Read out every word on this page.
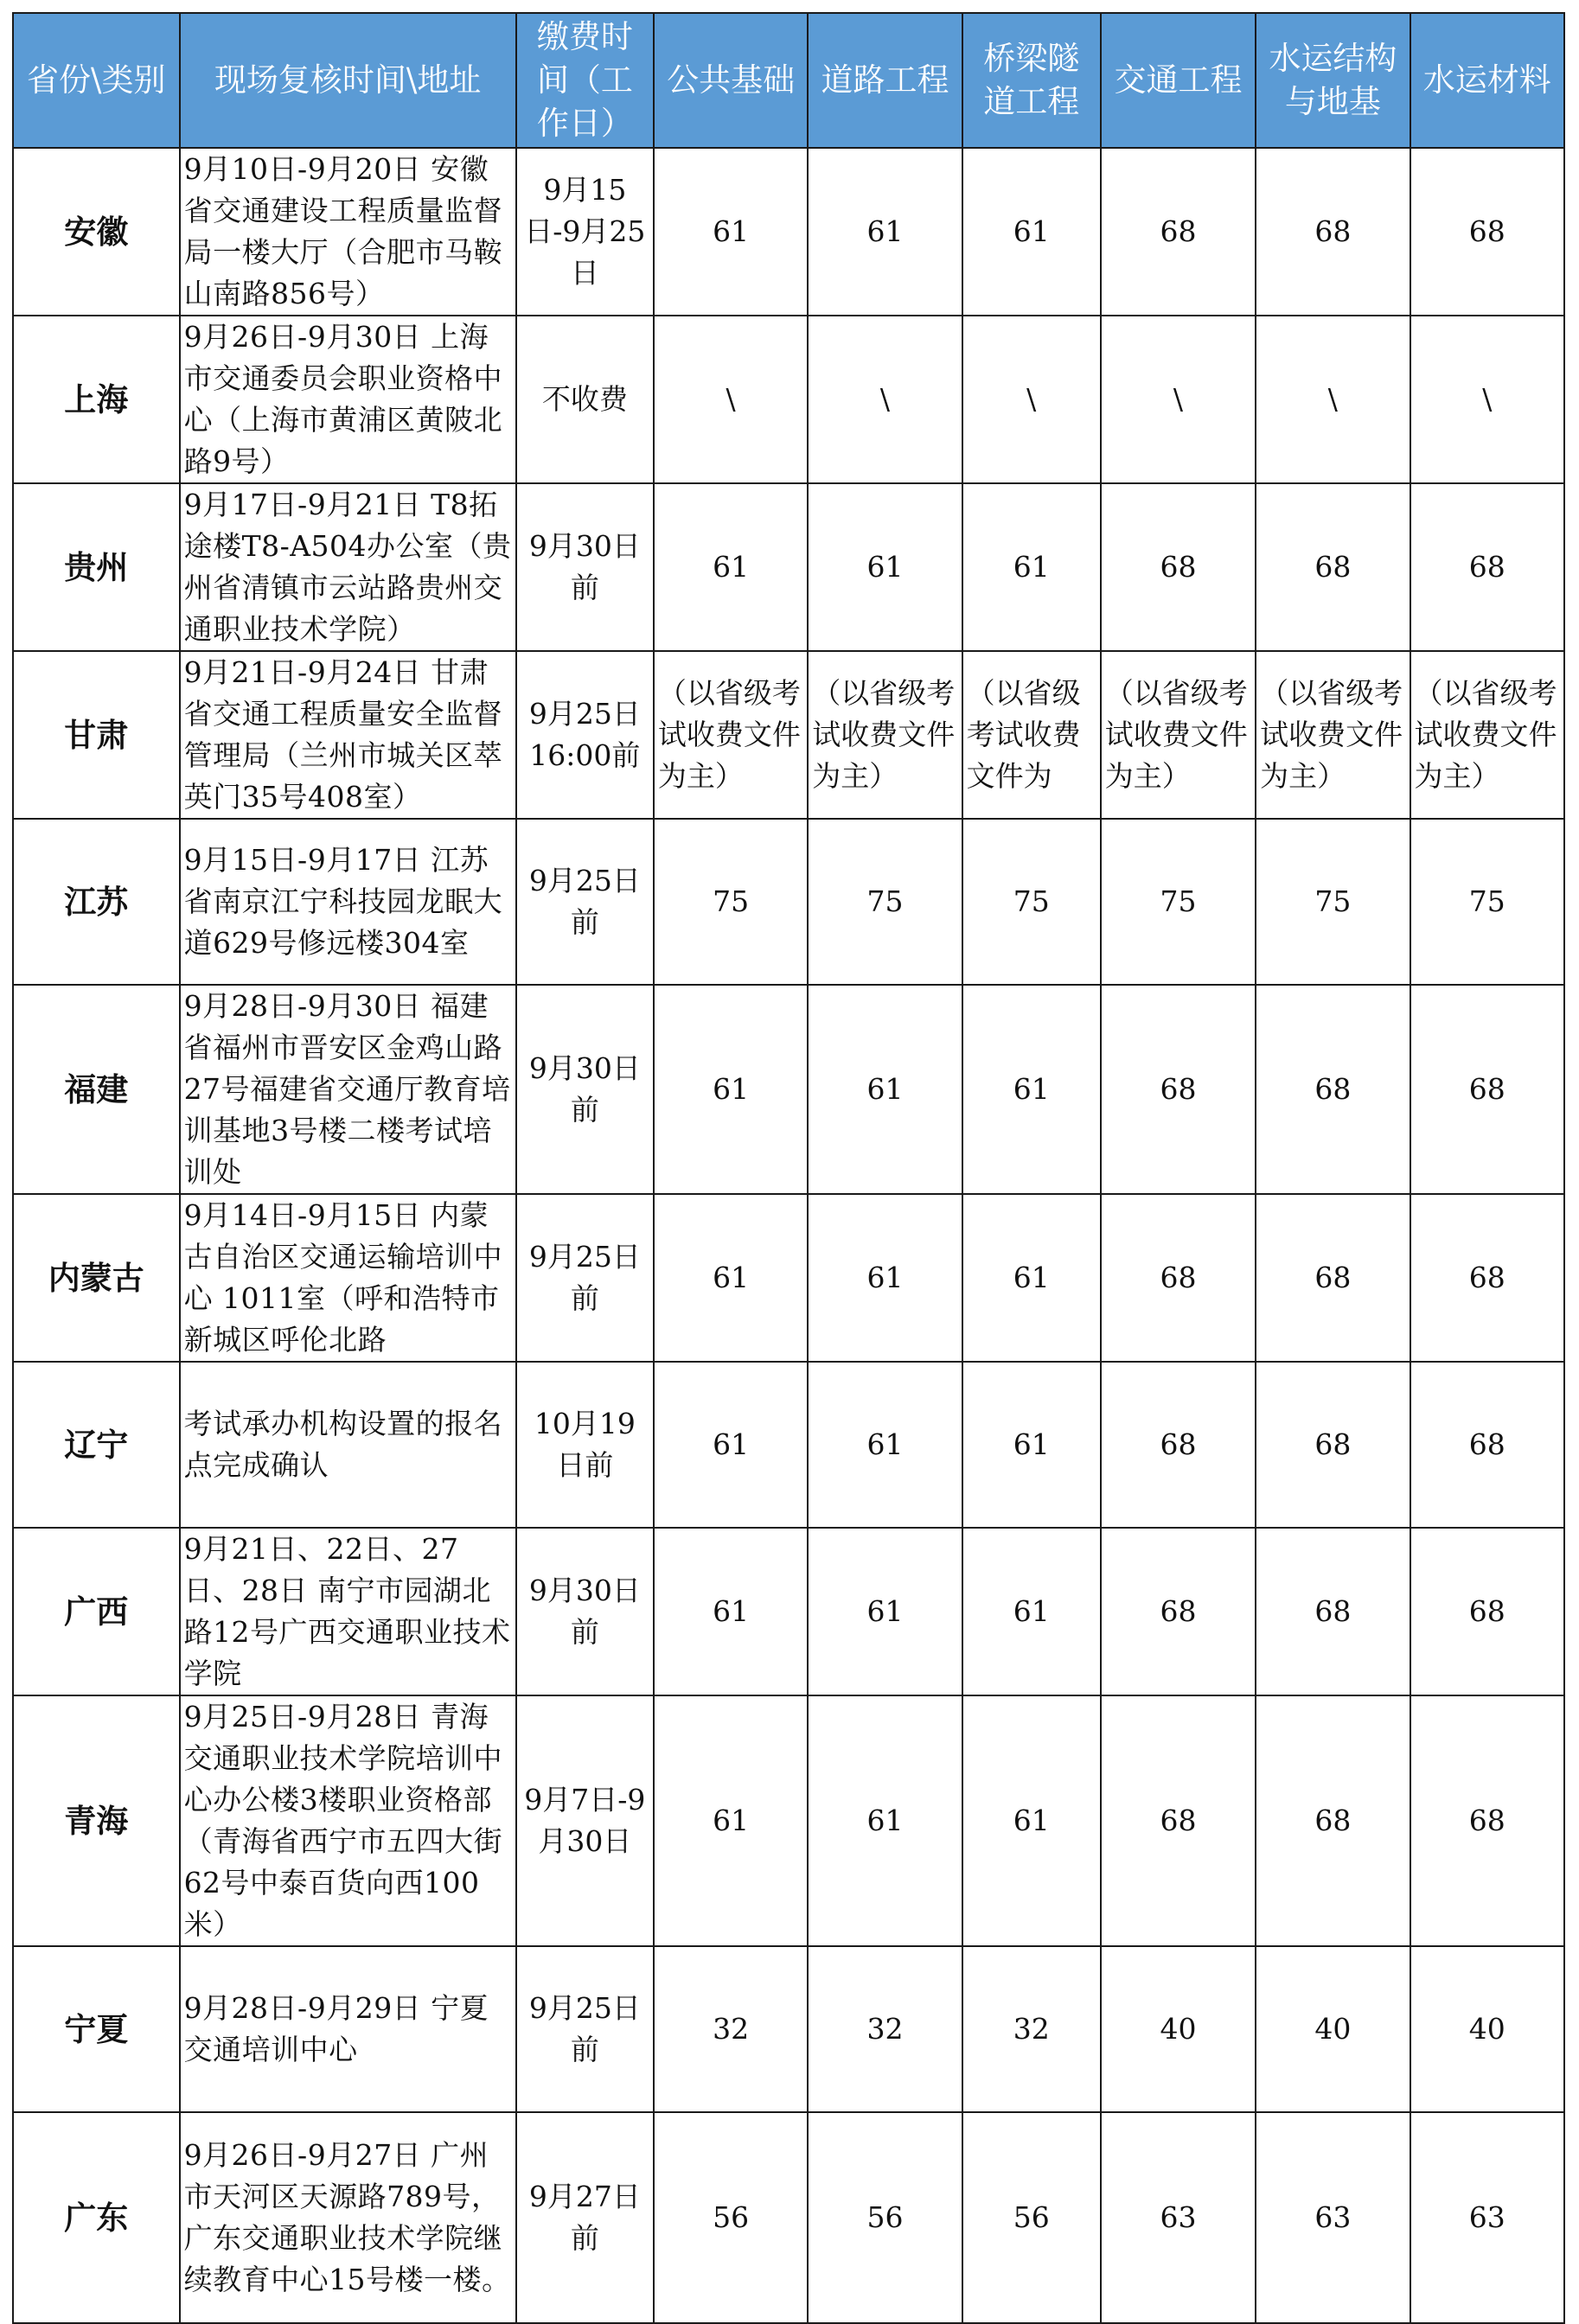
省份\类别	现场复核时间\地址	缴费时间（工作日）	公共基础	道路工程	桥梁隧道工程	交通工程	水运结构与地基	水运材料
安徽	9月10日-9月20日 安徽省交通建设工程质量监督局一楼大厅（合肥市马鞍山南路856号）	9月15日-9月25日	61	61	61	68	68	68
上海	9月26日-9月30日 上海市交通委员会职业资格中心（上海市黄浦区黄陂北路9号）	不收费	\	\	\	\	\	\
贵州	9月17日-9月21日 T8拓途楼T8-A504办公室（贵州省清镇市云站路贵州交通职业技术学院）	9月30日前	61	61	61	68	68	68
甘肃	9月21日-9月24日 甘肃省交通工程质量安全监督管理局（兰州市城关区萃英门35号408室）	9月25日16:00前	（以省级考试收费文件为主）	（以省级考试收费文件为主）	（以省级考试收费文件为	（以省级考试收费文件为主）	（以省级考试收费文件为主）	（以省级考试收费文件为主）
江苏	9月15日-9月17日 江苏省南京江宁科技园龙眠大道629号修远楼304室	9月25日前	75	75	75	75	75	75
福建	9月28日-9月30日 福建省福州市晋安区金鸡山路27号福建省交通厅教育培训基地3号楼二楼考试培训处	9月30日前	61	61	61	68	68	68
内蒙古	9月14日-9月15日 内蒙古自治区交通运输培训中心 1011室（呼和浩特市新城区呼伦北路	9月25日前	61	61	61	68	68	68
辽宁	考试承办机构设置的报名点完成确认	10月19日前	61	61	61	68	68	68
广西	9月21日、22日、27日、28日 南宁市园湖北路12号广西交通职业技术学院	9月30日前	61	61	61	68	68	68
青海	9月25日-9月28日 青海交通职业技术学院培训中心办公楼3楼职业资格部（青海省西宁市五四大街62号中泰百货向西100米）	9月7日-9月30日	61	61	61	68	68	68
宁夏	9月28日-9月29日 宁夏交通培训中心	9月25日前	32	32	32	40	40	40
广东	9月26日-9月27日 广州市天河区天源路789号，广东交通职业技术学院继续教育中心15号楼一楼。	9月27日前	56	56	56	63	63	63
